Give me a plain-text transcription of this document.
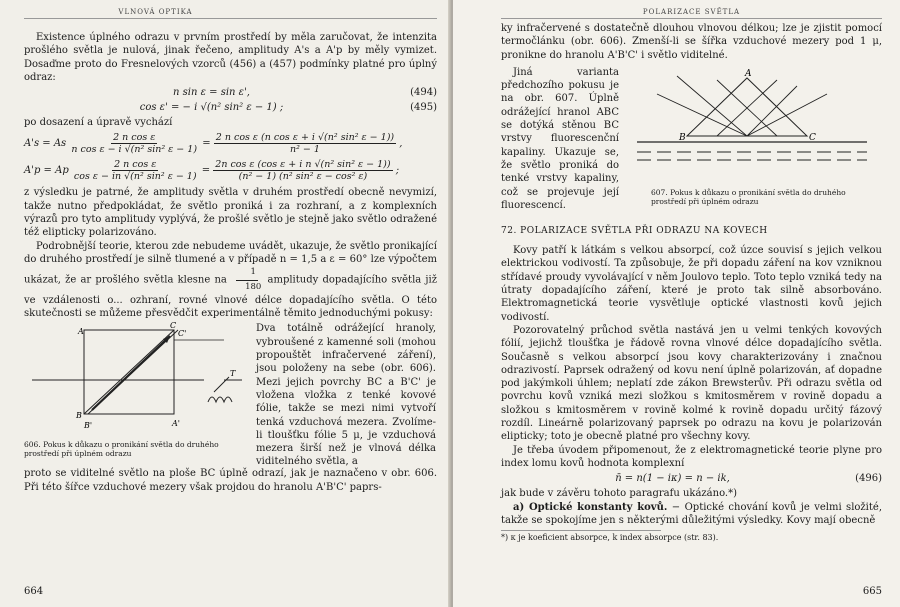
VLNOVÁ OPTIKA

Existence úplného odrazu v prvním prostředí by měla zaručovat, že intenzita prošlého světla je nulová, jinak řečeno, amplitudy A's a A'p by měly vymizet. Dosaďme proto do Fresnelových vzorců (456) a (457) podmínky platné pro úplný odraz:

n sin ε = sin ε',	(494)
cos ε' = − i √(n² sin² ε − 1) ;	(495)

po dosazení a úpravě vychází

A's = As $\frac{\text{2 n cos ε}}{\text{n cos ε − i √(n² sin² ε − 1)}} = \frac{\text{2 n cos ε (n cos ε + i √(n² sin² ε − 1))}}{\text{n² − 1}}$ ,
A'p = Ap $\frac{\text{2 n cos ε}}{\text{cos ε − in √(n² sin² ε − 1)}} = \frac{\text{2n cos ε (cos ε + i n √(n² sin² ε − 1))}}{\text{(n² − 1) (n² sin² ε − cos² ε)}}$ ;

z výsledku je patrné, že amplitudy světla v druhém prostředí obecně nevymizí, takže nutno předpokládat, že světlo proniká i za rozhraní, a z komplexních výrazů pro tyto amplitudy vyplývá, že prošlé světlo je stejně jako světlo odražené též elipticky polarizováno.

Podrobnější teorie, kterou zde nebudeme uvádět, ukazuje, že světlo pronikající do druhého prostředí je silně tlumené a v případě n = 1,5 a ε = 60° lze výpočtem ukázat, že ar prošlého světla klesne na $\frac{1}{180}$ amplitudy dopadajícího světla již ve vzdálenosti o... ozhraní, rovné vlnové délce dopadajícího světla. O této skutečnosti se můžeme přesvědčit experimentálně těmito jednoduchými pokusy:

A
B
C
C'
B'	A'
T
606. Pokus k důkazu o pronikání světla do druhého prostředí při úplném odrazu

Dva totálně odrážející hranoly, vybroušené z kamenné soli (mohou propouštět infračervené záření), jsou položeny na sebe (obr. 606). Mezi jejich povrchy BC a B'C' je vložena vložka z tenké kovové fólie, takže se mezi nimi vytvoří tenká vzduchová mezera. Zvolíme-li tloušťku fólie 5 μ, je vzduchová mezera širší než je vlnová délka viditelného světla, a

proto se viditelné světlo na ploše BC úplně odrazí, jak je naznačeno v obr. 606. Při této šířce vzduchové mezery však projdou do hranolu A'B'C' paprs-

664
POLARIZACE SVĚTLA

ky infračervené s dostatečně dlouhou vlnovou délkou; lze je zjistit pomocí termočlánku (obr. 606). Zmenší-li se šířka vzduchové mezery pod 1 μ, pronikne do hranolu A'B'C' i světlo viditelné.

Jiná varianta předchozího pokusu je na obr. 607. Úplně odrážející hranol ABC se dotýká stěnou BC vrstvy fluorescenční kapaliny. Ukazuje se, že světlo proniká do tenké vrstvy kapaliny, což se projevuje její fluorescencí.

A
B	C
607. Pokus k důkazu o pronikání světla do druhého prostředí při úplném odrazu
72. POLARIZACE SVĚTLA PŘI ODRAZU NA KOVECH

Kovy patří k látkám s velkou absorpcí, což úzce souvisí s jejich velkou elektrickou vodivostí. Ta způsobuje, že při dopadu záření na kov vzniknou střídavé proudy vyvolávající v něm Joulovo teplo. Toto teplo vzniká tedy na útraty dopadajícího záření, které je proto tak silně absorbováno. Elektromagnetická teorie vysvětluje optické vlastnosti kovů jejich vodivostí.

Pozorovatelný průchod světla nastává jen u velmi tenkých kovových fólií, jejichž tloušťka je řádově rovna vlnové délce dopadajícího světla. Současně s velkou absorpcí jsou kovy charakterizovány i značnou odrazivostí. Paprsek odražený od kovu není úplně polarizován, ať dopadne pod jakýmkoli úhlem; neplatí zde zákon Brewsterův. Při odrazu světla od povrchu kovů vzniká mezi složkou s kmitosměrem v rovině dopadu a složkou s kmitosměrem v rovině kolmé k rovině dopadu určitý fázový rozdíl. Lineárně polarizovaný paprsek po odrazu na kovu je polarizován elipticky; toto je obecně platné pro všechny kovy.

Je třeba úvodem připomenout, že z elektromagnetické teorie plyne pro index lomu kovů hodnota komplexní

n̄ = n(1 − iκ) = n − ik,	(496)

jak bude v závěru tohoto paragrafu ukázáno.*)

a) Optické konstanty kovů. − Optické chování kovů je velmi složité, takže se spokojíme jen s některými důležitými výsledky. Kovy mají obecně

*) κ je koeficient absorpce, k index absorpce (str. 83).
665
